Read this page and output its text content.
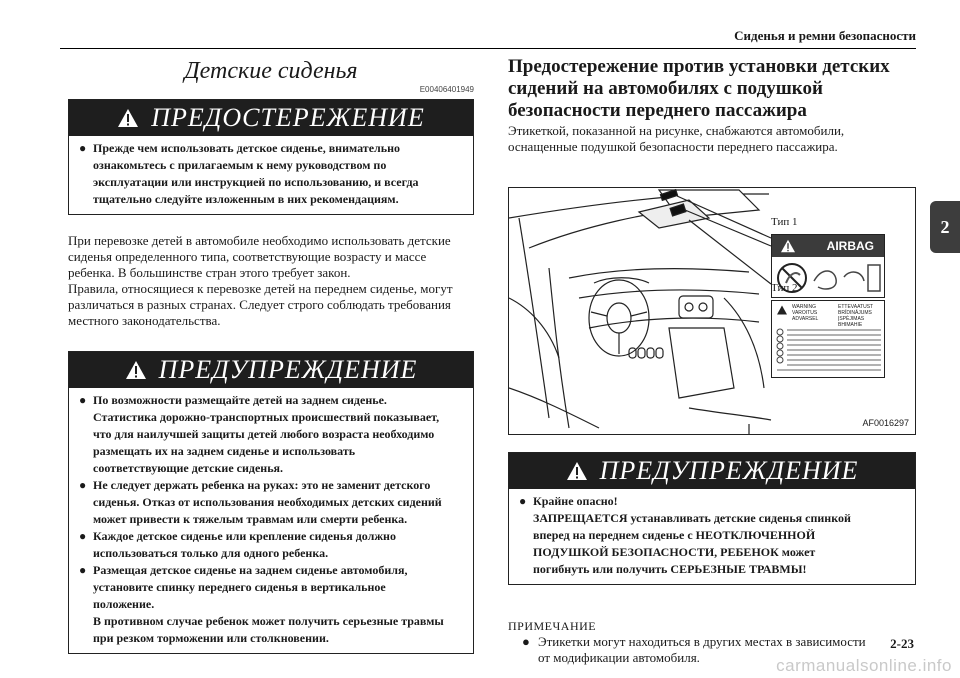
Сиденья и ремни безопасности
2
Детские сиденья
E00406401949
ПРЕДОСТЕРЕЖЕНИЕ
● Прежде чем использовать детское сиденье, внимательно
ознакомьтесь с прилагаемым к нему руководством по
эксплуатации или инструкцией по использованию, и всегда
тщательно следуйте изложенным в них рекомендациям.
При перевозке детей в автомобиле необходимо использовать детские
сиденья определенного типа, соответствующие возрасту и массе
ребенка. В большинстве стран этого требует закон.
Правила, относящиеся к перевозке детей на переднем сиденье, могут
различаться в разных странах. Следует строго соблюдать требования
местного законодательства.
ПРЕДУПРЕЖДЕНИЕ
● По возможности размещайте детей на заднем сиденье.
Статистика дорожно-транспортных происшествий показывает,
что для наилучшей защиты детей любого возраста необходимо
размещать их на заднем сиденье и использовать
соответствующие детские сиденья.
● Не следует держать ребенка на руках: это не заменит детского
сиденья. Отказ от использования необходимых детских сидений
может привести к тяжелым травмам или смерти ребенка.
● Каждое детское сиденье или крепление сиденья должно
использоваться только для одного ребенка.
● Размещая детское сиденье на заднем сиденье автомобиля,
установите спинку переднего сиденья в вертикальное
положение.
В противном случае ребенок может получить серьезные травмы
при резком торможении или столкновении.
Предостережение против установки детских
сидений на автомобилях с подушкой
безопасности переднего пассажира
Этикеткой, показанной на рисунке, снабжаются автомобили,
оснащенные подушкой безопасности переднего пассажира.
Тип 1
AIRBAG
Тип 2
WARNING
VAROITUS
ADVARSEL
ETTEVAATUST
BRĪDINĀJUMS
ĮSPĖJIMAS
BHIMAHIE
AF0016297
ПРЕДУПРЕЖДЕНИЕ
● Крайне опасно!
ЗАПРЕЩАЕТСЯ устанавливать детские сиденья спинкой
вперед на переднем сиденье с НЕОТКЛЮЧЕННОЙ
ПОДУШКОЙ БЕЗОПАСНОСТИ, РЕБЕНОК может
погибнуть или получить СЕРЬЕЗНЫЕ ТРАВМЫ!
ПРИМЕЧАНИЕ
● Этикетки могут находиться в других местах в зависимости
от модификации автомобиля.
2-23
carmanualsonline.info
